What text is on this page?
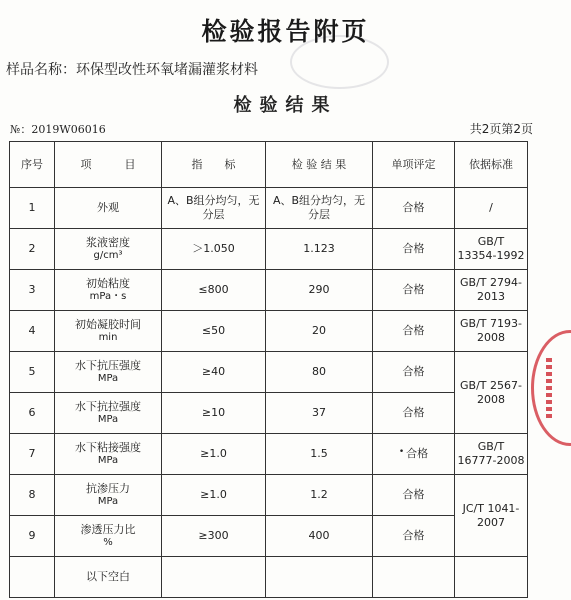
检验报告附页
样品名称：环保型改性环氧堵漏灌浆材料
检验结果
№：2019W06016	共2页第2页
序号	项　　　目	指　　标	检 验 结 果	单项评定	依据标准
1	外观	A、B组分均匀，无分层	A、B组分均匀，无分层	合格	/
2	浆液密度
g/cm³	＞1.050	1.123	合格	GB/T 13354-1992
3	初始粘度
mPa・s	≤800	290	合格	GB/T 2794-2013
4	初始凝胶时间
min	≤50	20	合格	GB/T 7193-2008
5	水下抗压强度
MPa	≥40	80	合格	GB/T 2567-2008
6	水下抗拉强度
MPa	≥10	37	合格	
7	水下粘接强度
MPa	≥1.0	1.5	• 合格	GB/T 16777-2008
8	抗渗压力
MPa	≥1.0	1.2	合格	JC/T 1041-2007
9	渗透压力比
%	≥300	400	合格	
	以下空白				
